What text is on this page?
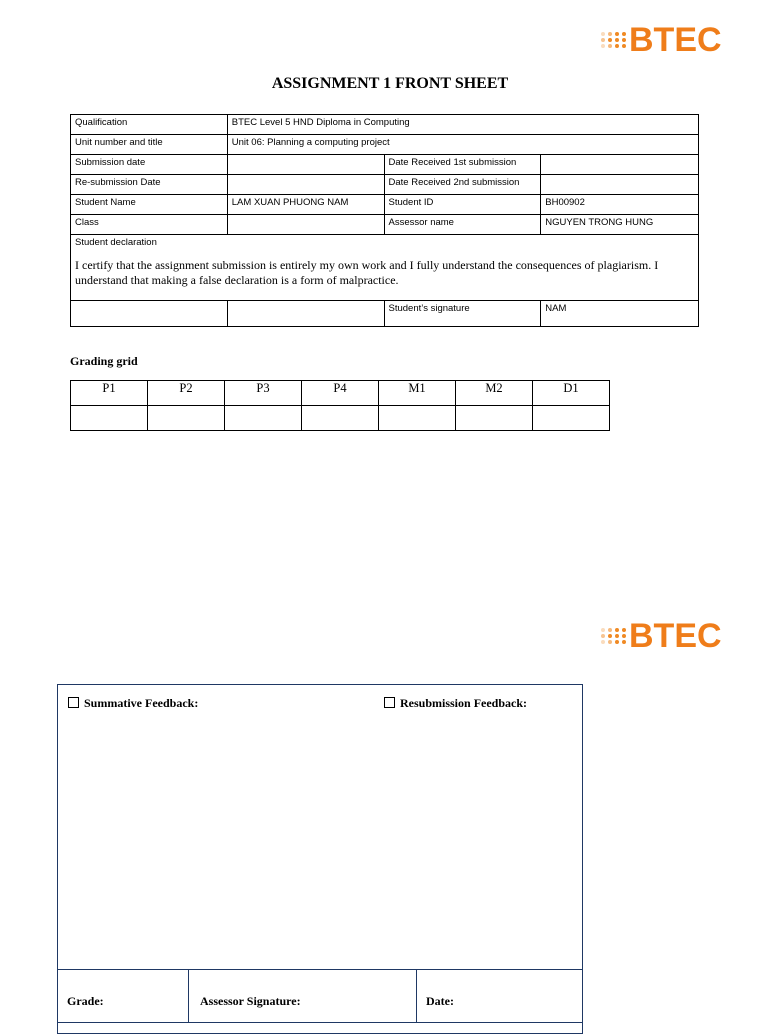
BTEC
ASSIGNMENT 1 FRONT SHEET
Qualification	BTEC Level 5 HND Diploma in Computing		
Unit number and title	Unit 06: Planning a computing project		
Submission date		Date Received 1st submission	
Re-submission Date		Date Received 2nd submission	
Student Name	LAM XUAN PHUONG NAM	Student ID	BH00902
Class		Assessor name	NGUYEN TRONG HUNG

Student declaration
I certify that the assignment submission is entirely my own work and I fully understand the consequences of plagiarism. I understand that making a false declaration is a form of malpractice.			

		Student’s signature	NAM
Grading grid
P1	P2	P3	P4	M1	M2	D1

BTEC
Summative Feedback:	Resubmission Feedback:
Grade:	Assessor Signature:	Date:
